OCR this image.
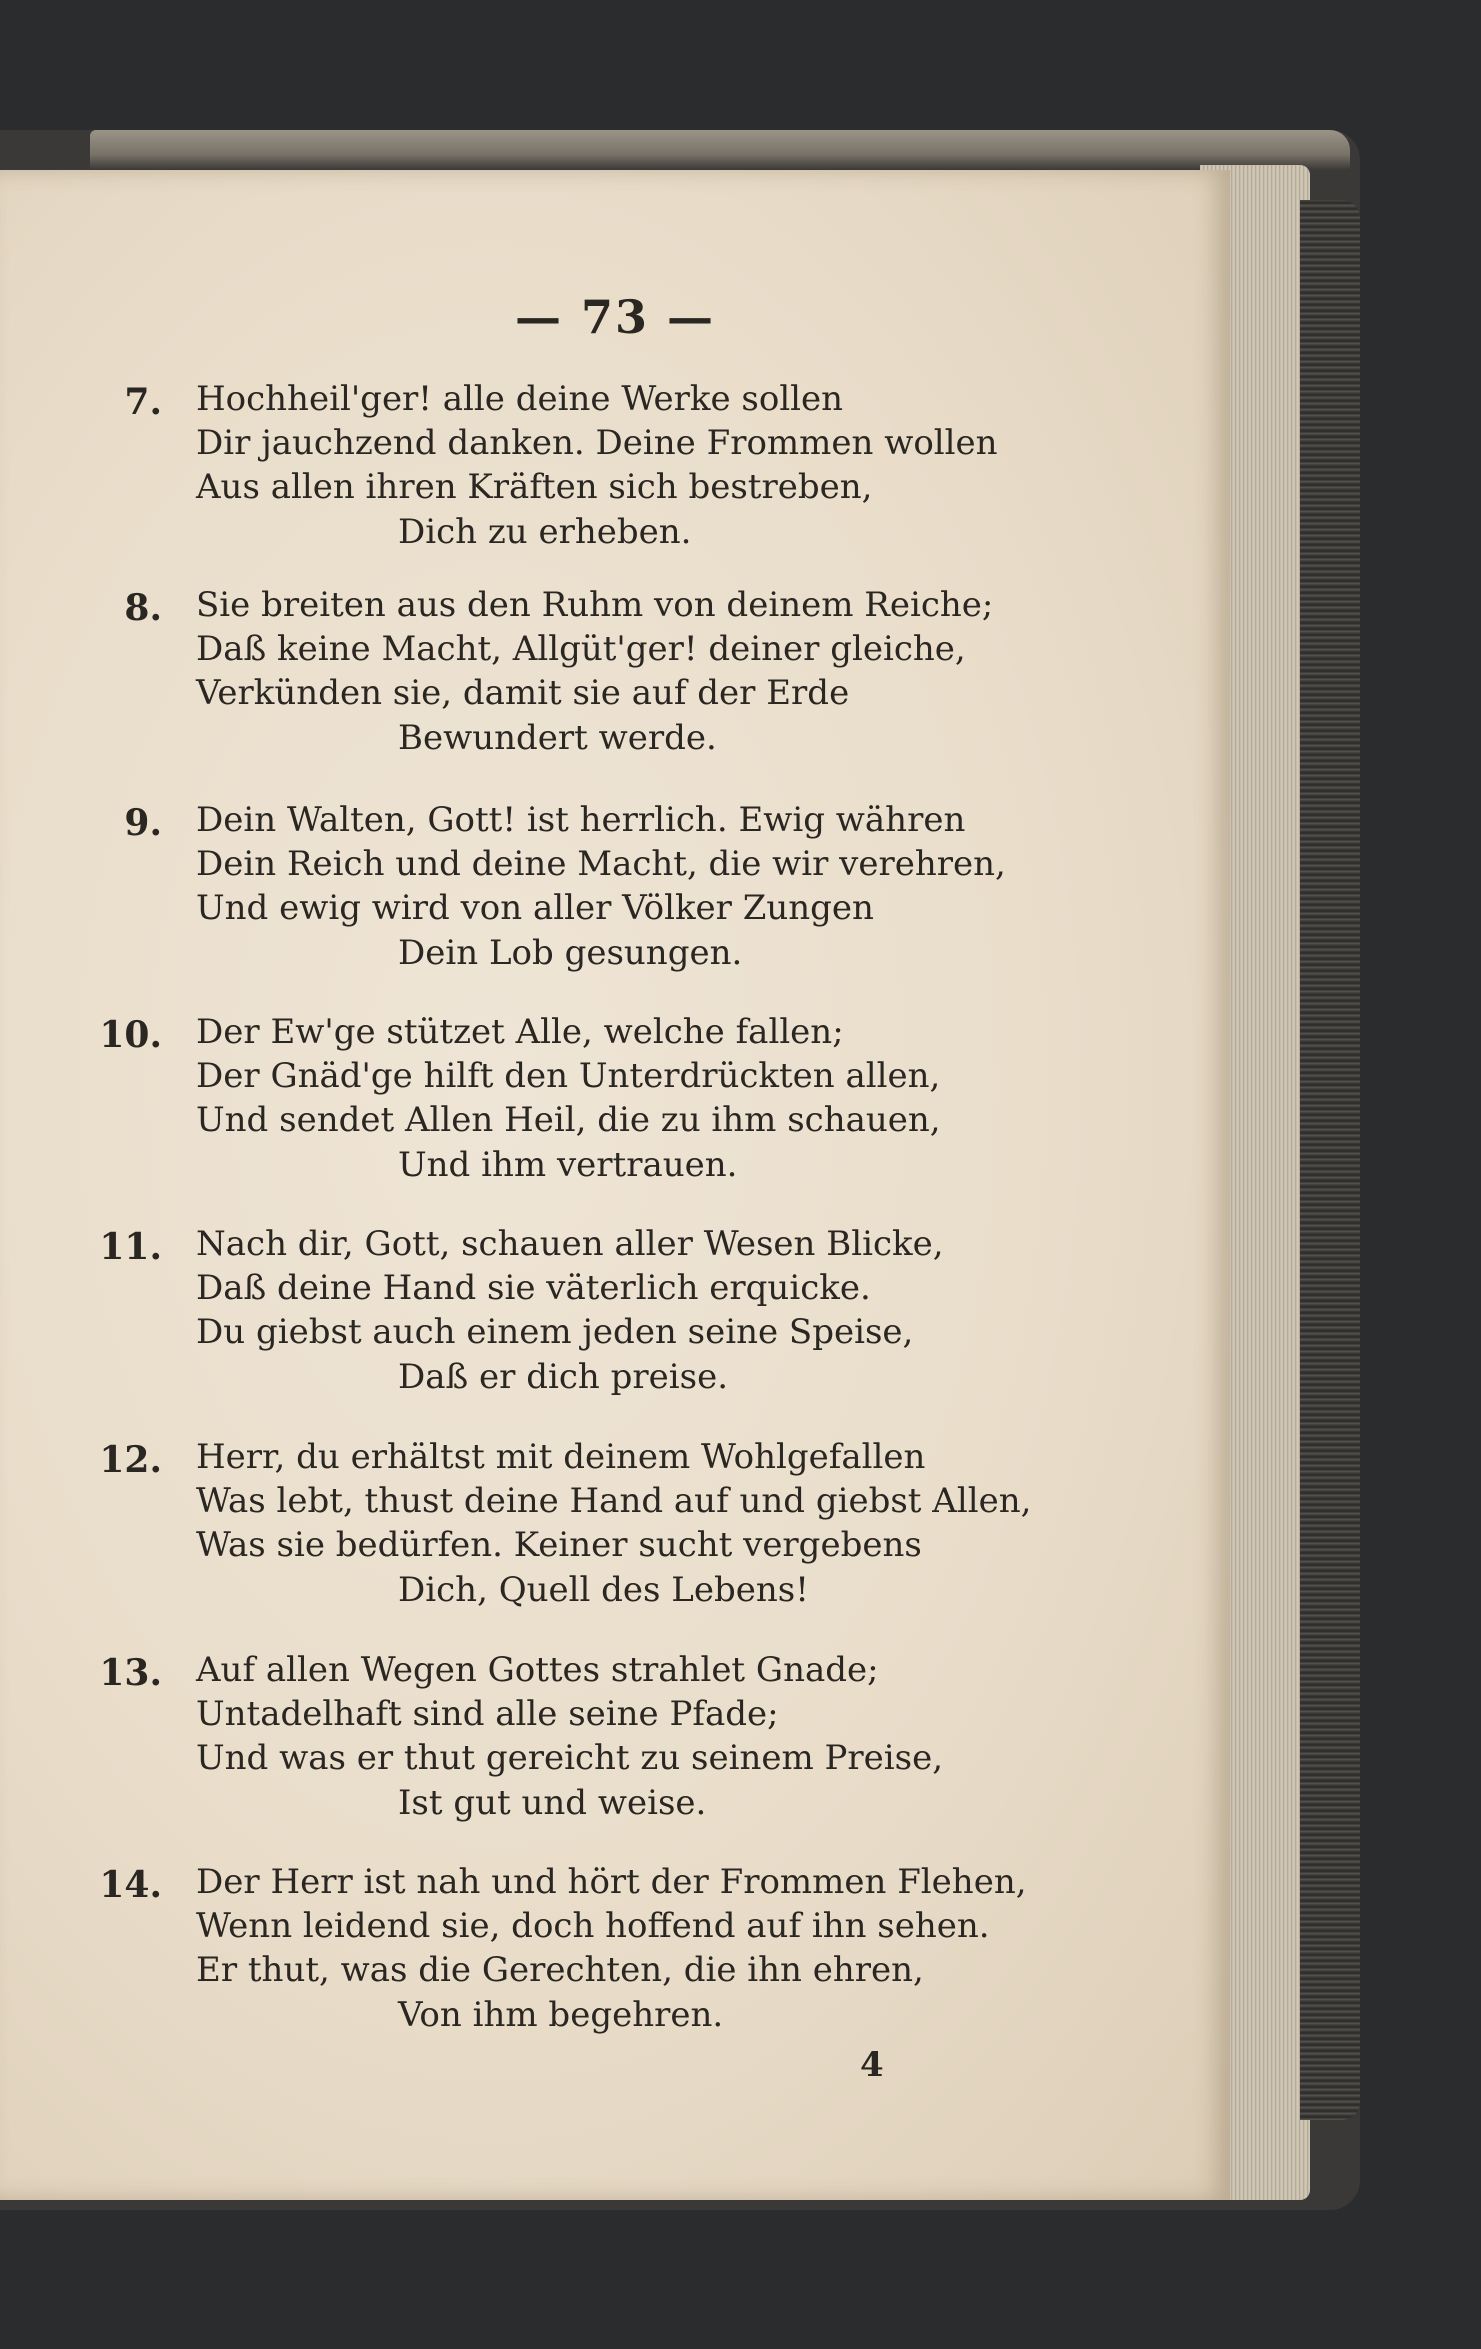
— 73 —
7. Hochheil'ger! alle deine Werke sollen
Dir jauchzend danken. Deine Frommen wollen
Aus allen ihren Kräften sich bestreben,
Dich zu erheben.
8. Sie breiten aus den Ruhm von deinem Reiche;
Daß keine Macht, Allgüt'ger! deiner gleiche,
Verkünden sie, damit sie auf der Erde
Bewundert werde.
9. Dein Walten, Gott! ist herrlich. Ewig währen
Dein Reich und deine Macht, die wir verehren,
Und ewig wird von aller Völker Zungen
Dein Lob gesungen.
10. Der Ew'ge stützet Alle, welche fallen;
Der Gnäd'ge hilft den Unterdrückten allen,
Und sendet Allen Heil, die zu ihm schauen,
Und ihm vertrauen.
11. Nach dir, Gott, schauen aller Wesen Blicke,
Daß deine Hand sie väterlich erquicke.
Du giebst auch einem jeden seine Speise,
Daß er dich preise.
12. Herr, du erhältst mit deinem Wohlgefallen
Was lebt, thust deine Hand auf und giebst Allen,
Was sie bedürfen. Keiner sucht vergebens
Dich, Quell des Lebens!
13. Auf allen Wegen Gottes strahlet Gnade;
Untadelhaft sind alle seine Pfade;
Und was er thut gereicht zu seinem Preise,
Ist gut und weise.
14. Der Herr ist nah und hört der Frommen Flehen,
Wenn leidend sie, doch hoffend auf ihn sehen.
Er thut, was die Gerechten, die ihn ehren,
Von ihm begehren.
4
